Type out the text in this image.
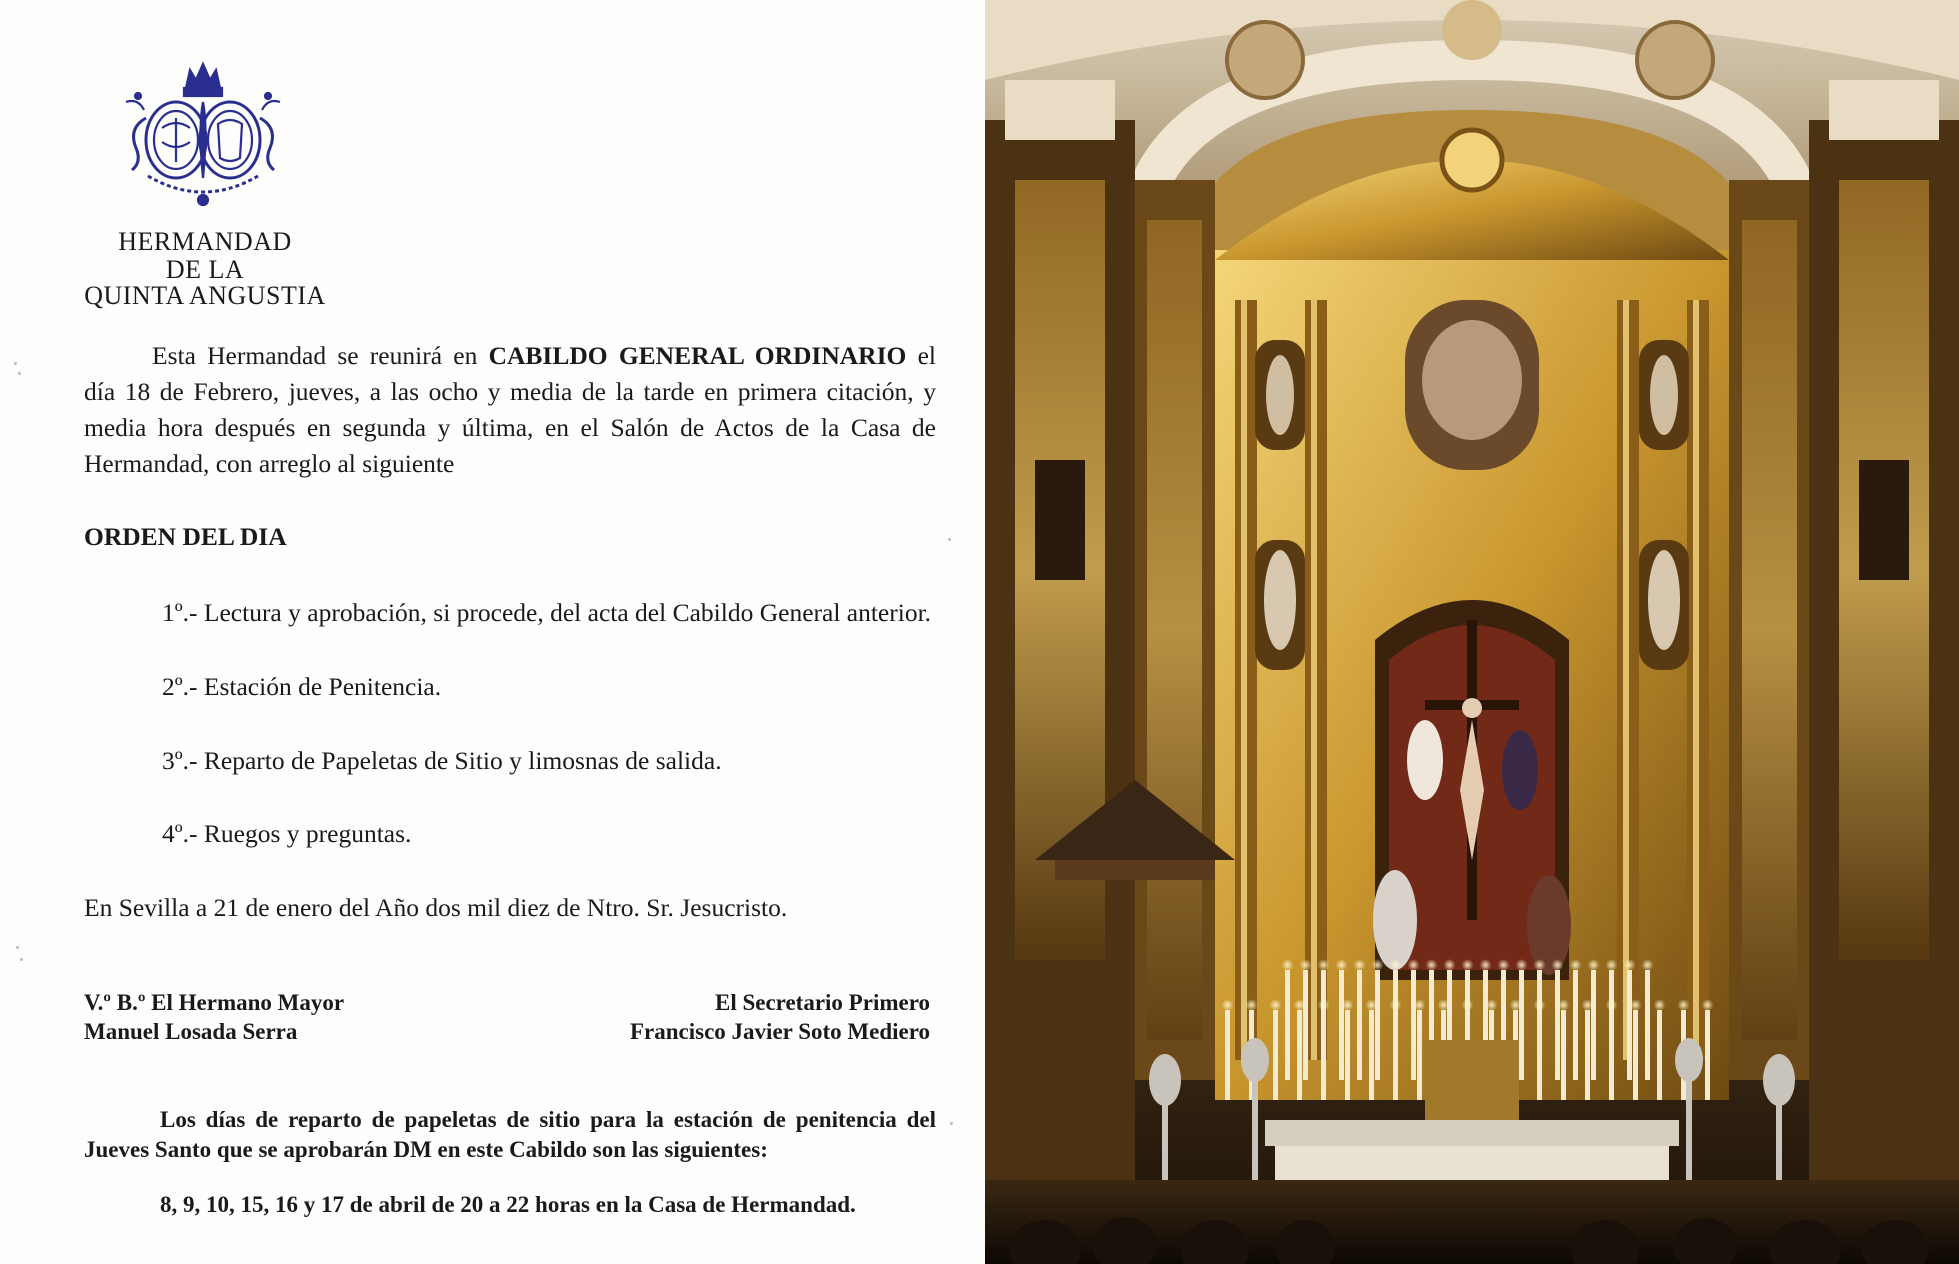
HERMANDAD
DE LA
QUINTA ANGUSTIA
Esta Hermandad se reunirá en CABILDO GENERAL ORDINARIO el
día 18 de Febrero, jueves, a las ocho y media de la tarde en primera citación, y
media hora después en segunda y última, en el Salón de Actos de la Casa de
Hermandad, con arreglo al siguiente
ORDEN DEL DIA
1º.- Lectura y aprobación, si procede, del acta del Cabildo General anterior.
2º.- Estación de Penitencia.
3º.- Reparto de Papeletas de Sitio y limosnas de salida.
4º.- Ruegos y preguntas.
En Sevilla a 21 de enero del Año dos mil diez de Ntro. Sr. Jesucristo.
V.º B.º El Hermano Mayor
Manuel Losada Serra
El Secretario Primero
Francisco Javier Soto Mediero
Los días de reparto de papeletas de sitio para la estación de penitencia del
Jueves Santo que se aprobarán DM en este Cabildo son las siguientes:
8, 9, 10, 15, 16 y 17 de abril de 20 a 22 horas en la Casa de Hermandad.
